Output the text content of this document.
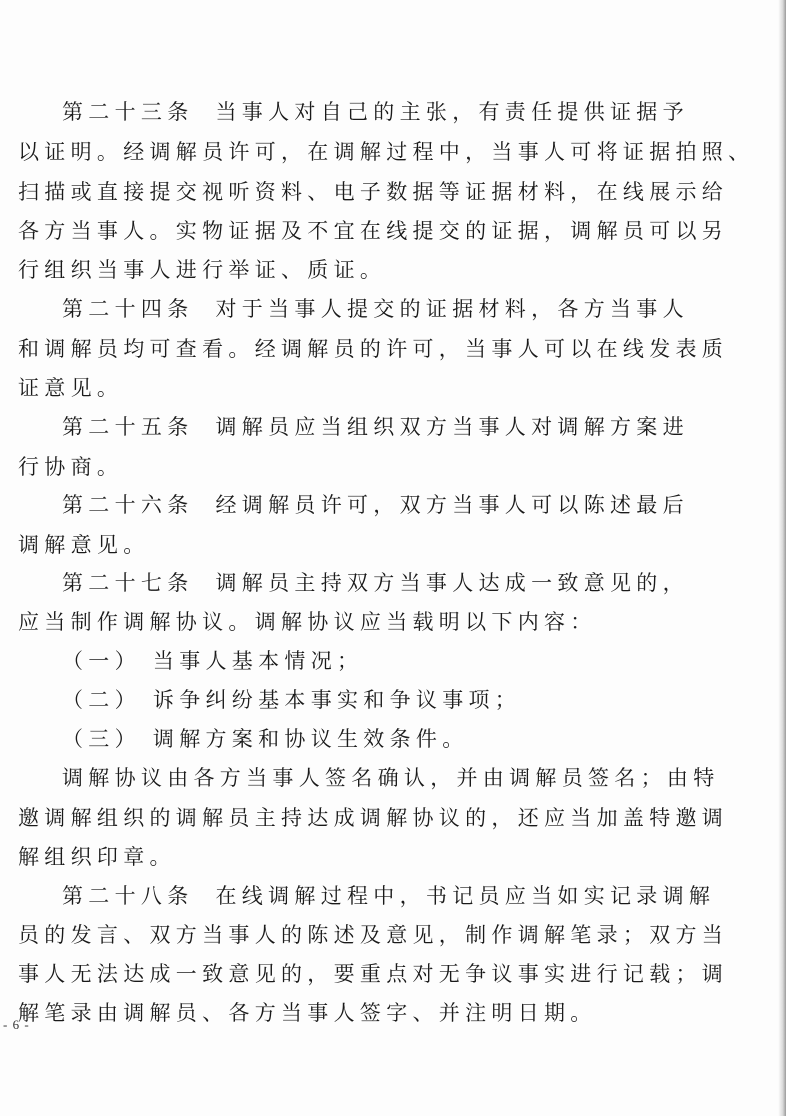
第二十三条 当事人对自己的主张，有责任提供证据予
以证明。经调解员许可，在调解过程中，当事人可将证据拍照、
扫描或直接提交视听资料、电子数据等证据材料，在线展示给
各方当事人。实物证据及不宜在线提交的证据，调解员可以另
行组织当事人进行举证、质证。
第二十四条 对于当事人提交的证据材料，各方当事人
和调解员均可查看。经调解员的许可，当事人可以在线发表质
证意见。
第二十五条 调解员应当组织双方当事人对调解方案进
行协商。
第二十六条 经调解员许可，双方当事人可以陈述最后
调解意见。
第二十七条 调解员主持双方当事人达成一致意见的，
应当制作调解协议。调解协议应当载明以下内容：
（一） 当事人基本情况；
（二） 诉争纠纷基本事实和争议事项；
（三） 调解方案和协议生效条件。
调解协议由各方当事人签名确认，并由调解员签名；由特
邀调解组织的调解员主持达成调解协议的，还应当加盖特邀调
解组织印章。
第二十八条 在线调解过程中，书记员应当如实记录调解
员的发言、双方当事人的陈述及意见，制作调解笔录；双方当
事人无法达成一致意见的，要重点对无争议事实进行记载；调
解笔录由调解员、各方当事人签字、并注明日期。
- 6 -
